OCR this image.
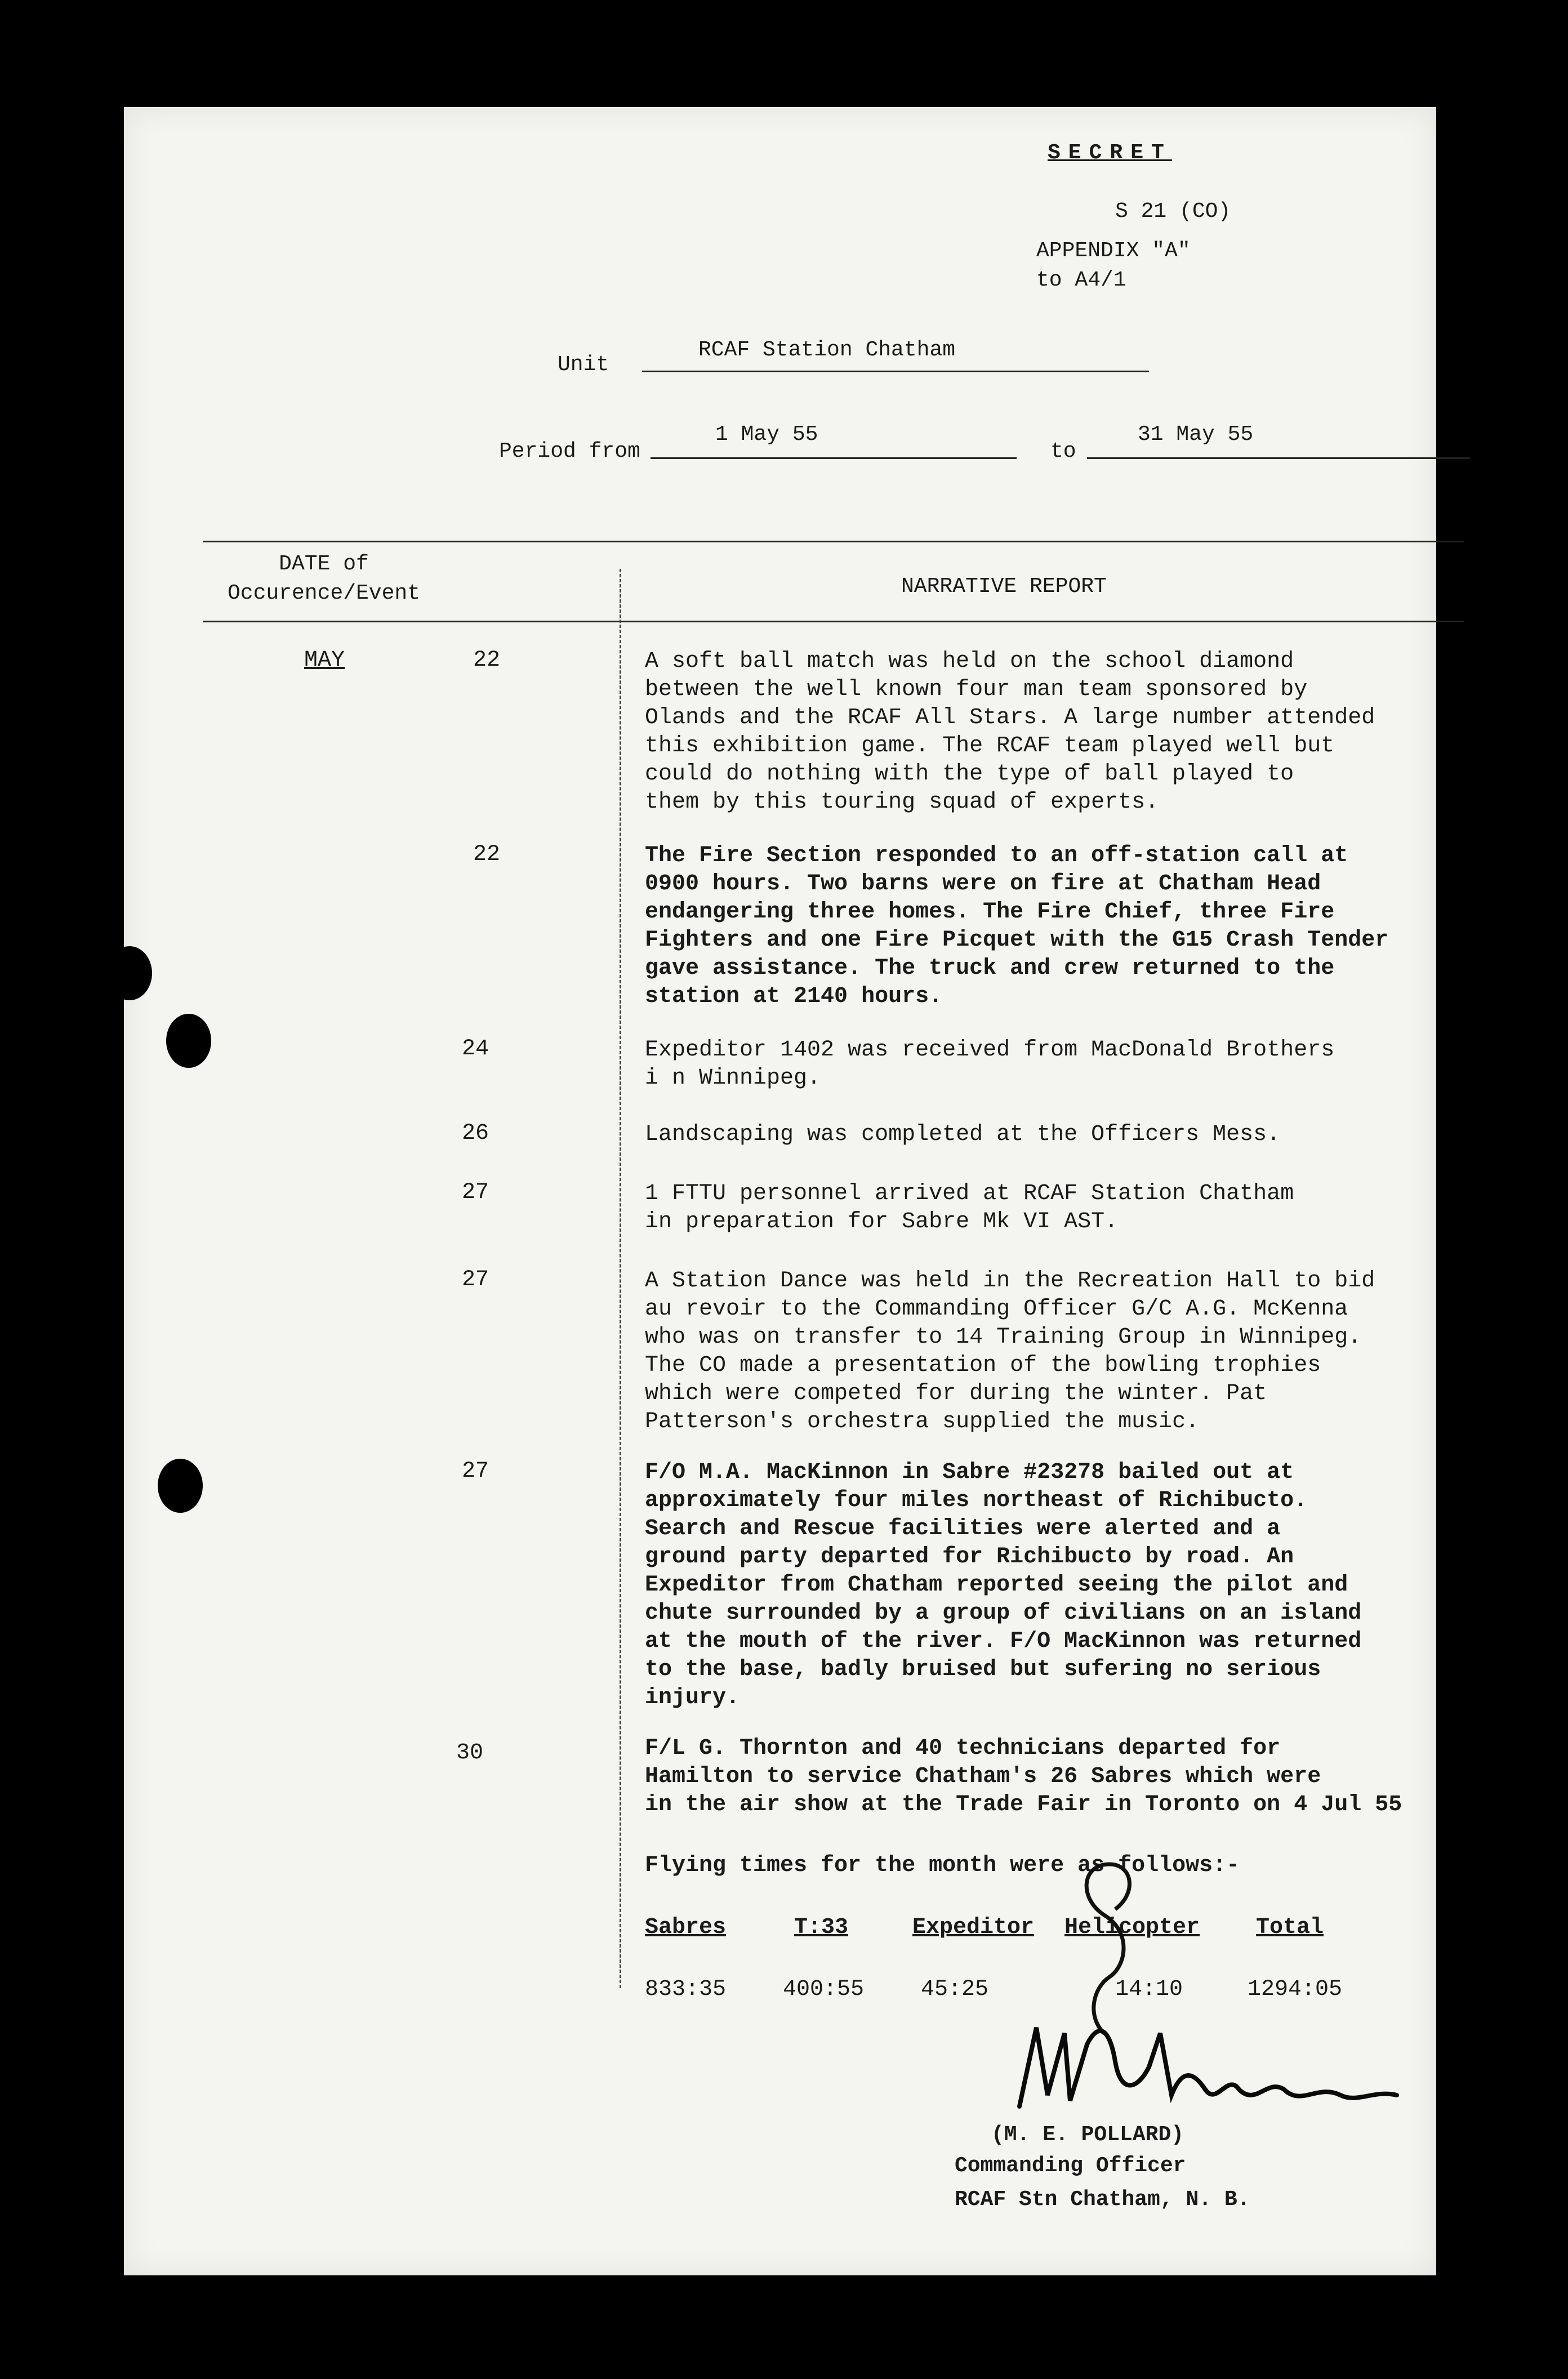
SECRET
S 21 (CO)
APPENDIX "A"
to A4/1
Unit
RCAF Station Chatham
Period from
1 May 55
to
31 May 55
DATE of
Occurence/Event	NARRATIVE REPORT
MAY	22	A soft ball match was held on the school diamond
between the well known four man team sponsored by
Olands and the RCAF All Stars. A large number attended
this exhibition game. The RCAF team played well but
could do nothing with the type of ball played to
them by this touring squad of experts.
22	The Fire Section responded to an off-station call at
0900 hours. Two barns were on fire at Chatham Head
endangering three homes. The Fire Chief, three Fire
Fighters and one Fire Picquet with the G15 Crash Tender
gave assistance. The truck and crew returned to the
station at 2140 hours.
24	Expeditor 1402 was received from MacDonald Brothers
i n Winnipeg.
26	Landscaping was completed at the Officers Mess.
27	1 FTTU personnel arrived at RCAF Station Chatham
in preparation for Sabre Mk VI AST.
27	A Station Dance was held in the Recreation Hall to bid
au revoir to the Commanding Officer G/C A.G. McKenna
who was on transfer to 14 Training Group in Winnipeg.
The CO made a presentation of the bowling trophies
which were competed for during the winter. Pat
Patterson's orchestra supplied the music.
27	F/O M.A. MacKinnon in Sabre #23278 bailed out at
approximately four miles northeast of Richibucto.
Search and Rescue facilities were alerted and a
ground party departed for Richibucto by road. An
Expeditor from Chatham reported seeing the pilot and
chute surrounded by a group of civilians on an island
at the mouth of the river. F/O MacKinnon was returned
to the base, badly bruised but sufering no serious
injury.
30	F/L G. Thornton and 40 technicians departed for
Hamilton to service Chatham's 26 Sabres which were
in the air show at the Trade Fair in Toronto on 4 Jul 55
Flying times for the month were as follows:-
Sabres	T:33	Expeditor Helicopter Total
833:35	400:55	45:25	14:10	1294:05
(M. E. POLLARD)
Commanding Officer
RCAF Stn Chatham, N. B.
